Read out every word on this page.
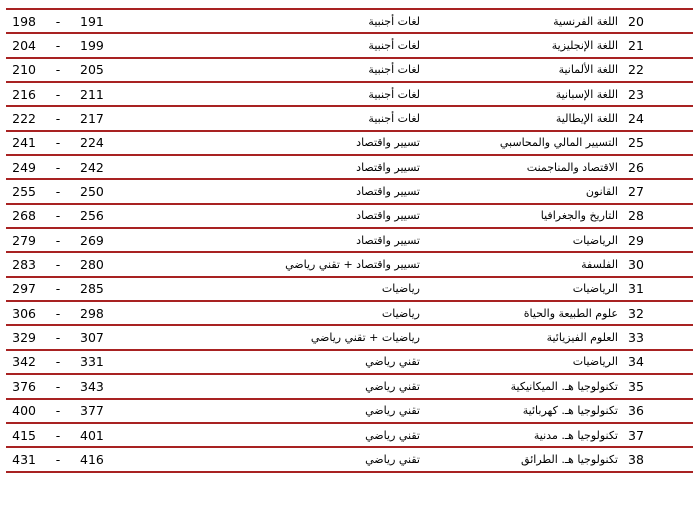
198	-	191	لغات أجنبية	اللغة الفرنسية 20
204	-	199	لغات أجنبية	اللغة الإنجليزية 21
210	-	205	لغات أجنبية	اللغة الألمانية 22
216	-	211	لغات أجنبية	اللغة الإسبانية 23
222	-	217	لغات أجنبية	اللغة الإيطالية 24
241	-	224	تسيير واقتصاد	التسيير المالي والمحاسبي 25
249	-	242	تسيير واقتصاد	الاقتصاد والمناجمنت 26
255	-	250	تسيير واقتصاد	القانون 27
268	-	256	تسيير واقتصاد	التاريخ والجغرافيا 28
279	-	269	تسيير واقتصاد	الرياضيات 29
283	-	280	تسيير واقتصاد + تقني رياضي	الفلسفة 30
297	-	285	رياضيات	الرياضيات 31
306	-	298	رياضيات	علوم الطبيعة والحياة 32
329	-	307	رياضيات + تقني رياضي	العلوم الفيزيائية 33
342	-	331	تقني رياضي	الرياضيات 34
376	-	343	تقني رياضي	تكنولوجيا هـ. الميكانيكية 35
400	-	377	تقني رياضي	تكنولوجيا هـ. كهربائية 36
415	-	401	تقني رياضي	تكنولوجيا هـ. مدنية 37
431	-	416	تقني رياضي	تكنولوجيا هـ. الطرائق 38
